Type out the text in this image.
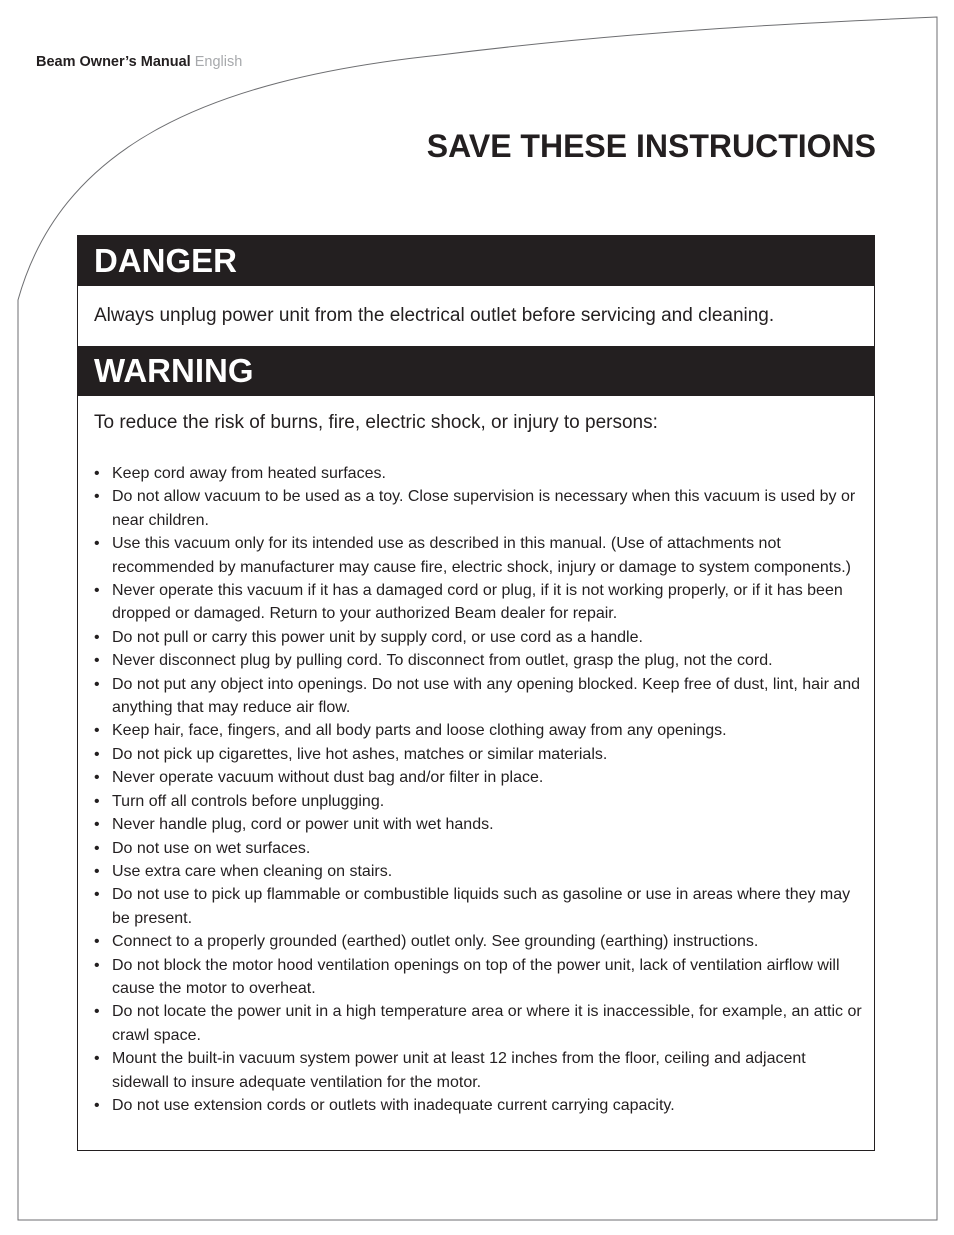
Beam Owner’s Manual English
SAVE THESE INSTRUCTIONS
DANGER

Always unplug power unit from the electrical outlet before servicing and cleaning.

WARNING

To reduce the risk of burns, fire, electric shock, or injury to persons:

• Keep cord away from heated surfaces.
• Do not allow vacuum to be used as a toy. Close supervision is necessary when this vacuum is used by or near children.
• Use this vacuum only for its intended use as described in this manual. (Use of attachments not recommended by manufacturer may cause fire, electric shock, injury or damage to system components.)
• Never operate this vacuum if it has a damaged cord or plug, if it is not working properly, or if it has been dropped or damaged. Return to your authorized Beam dealer for repair.
• Do not pull or carry this power unit by supply cord, or use cord as a handle.
• Never disconnect plug by pulling cord. To disconnect from outlet, grasp the plug, not the cord.
• Do not put any object into openings. Do not use with any opening blocked. Keep free of dust, lint, hair and anything that may reduce air flow.
• Keep hair, face, fingers, and all body parts and loose clothing away from any openings.
• Do not pick up cigarettes, live hot ashes, matches or similar materials.
• Never operate vacuum without dust bag and/or filter in place.
• Turn off all controls before unplugging.
• Never handle plug, cord or power unit with wet hands.
• Do not use on wet surfaces.
• Use extra care when cleaning on stairs.
• Do not use to pick up flammable or combustible liquids such as gasoline or use in areas where they may be present.
• Connect to a properly grounded (earthed) outlet only. See grounding (earthing) instructions.
• Do not block the motor hood ventilation openings on top of the power unit, lack of ventilation airflow will cause the motor to overheat.
• Do not locate the power unit in a high temperature area or where it is inaccessible, for example, an attic or crawl space.
• Mount the built-in vacuum system power unit at least 12 inches from the floor, ceiling and adjacent sidewall to insure adequate ventilation for the motor.
• Do not use extension cords or outlets with inadequate current carrying capacity.
